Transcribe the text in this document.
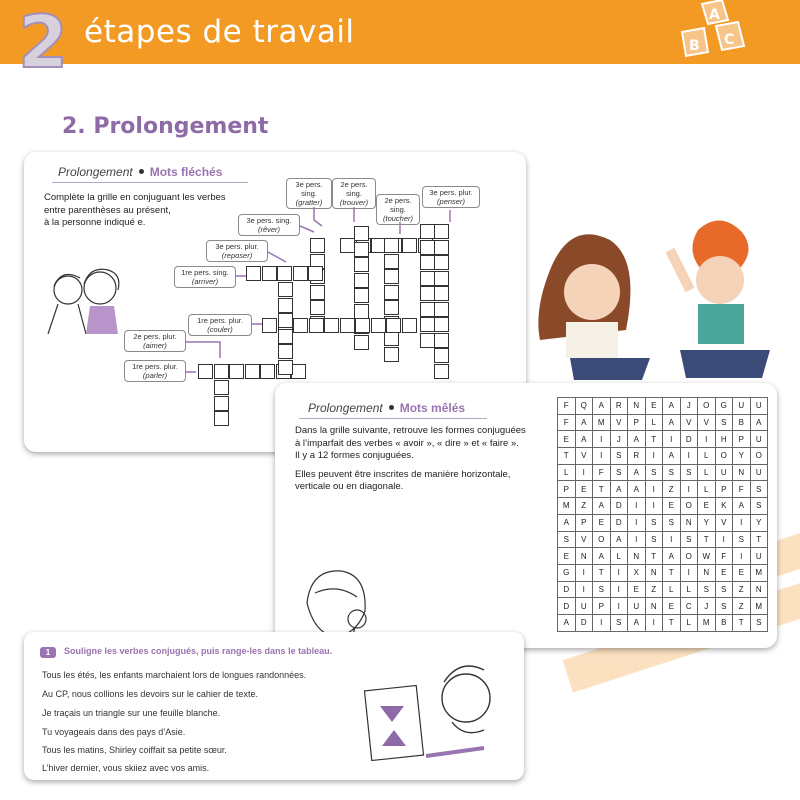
2 étapes de travail	A
B C
2. Prolongement
Prolongement Mots fléchés
Complète la grille en conjuguant les verbes
entre parenthèses au présent,
à la personne indiqué e.
3e pers. sing.
(gratter)
2e pers. sing.
(trouver)
3e pers. plur.
(penser)
2e pers. sing.
(toucher)
3e pers. sing.
(rêver)
3e pers. plur.
(reposer)
1re pers. sing.
(arriver)
1re pers. plur.
(couler)
2e pers. plur.
(aimer)
1re pers. plur.
(parler)
Prolongement Mots mêlés
Dans la grille suivante, retrouve les formes conjuguées
à l’imparfait des verbes « avoir », « dire » et « faire ».
Il y a 12 formes conjuguées.
Elles peuvent être inscrites de manière horizontale,
verticale ou en diagonale.
F	Q	A	R	N	E	A	J	O	G	U	U
F	A	M	V	P	L	A	V	V	S	B	A
E	A	I	J	A	T	I	D	I	H	P	U
T	V	I	S	R	I	A	I	L	O	Y	O
L	I	F	S	A	S	S	S	L	U	N	U
P	E	T	A	A	I	Z	I	L	P	F	S
M	Z	A	D	I	I	E	O	E	K	A	S
A	P	E	D	I	S	S	N	Y	V	I	Y
S	V	O	A	I	S	I	S	T	I	S	T
E	N	A	L	N	T	A	O	W	F	I	U
G	I	T	I	X	N	T	I	N	E	E	M
D	I	S	I	E	Z	L	L	S	S	Z	N
D	U	P	I	U	N	E	C	J	S	Z	M
A	D	I	S	A	I	T	L	M	B	T	S
1	Souligne les verbes conjugués, puis range-les dans le tableau.
Tous les étés, les enfants marchaient lors de longues randonnées.
Au CP, nous collions les devoirs sur le cahier de texte.
Je traçais un triangle sur une feuille blanche.
Tu voyageais dans des pays d’Asie.
Tous les matins, Shirley coiffait sa petite sœur.
L’hiver dernier, vous skiiez avec vos amis.
